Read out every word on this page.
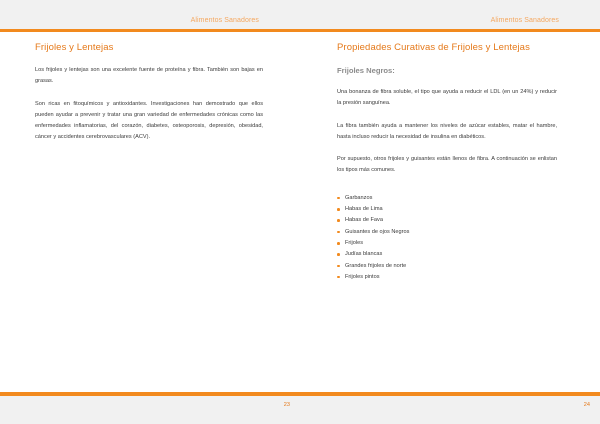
Alimentos Sanadores
Frijoles y Lentejas

Los frijoles y lentejas son una excelente fuente de proteína y fibra. También son bajas en grasas.

Son ricas en fitoquímicos y antioxidantes. Investigaciones han demostrado que ellos pueden ayudar a prevenir y tratar una gran variedad de enfermedades crónicas como las enfermedades inflamatorias, del corazón, diabetes, osteoporosis, depresión, obesidad, cáncer y accidentes cerebrovasculares (ACV).

23
Alimentos Sanadores
Propiedades Curativas de Frijoles y Lentejas
Frijoles Negros:

Una bonanza de fibra soluble, el tipo que ayuda a reducir el LDL (en un 24%) y reducir la presión sanguínea.

La fibra también ayuda a mantener los niveles de azúcar estables, matar el hambre, hasta incluso reducir la necesidad de insulina en diabéticos.

Por supuesto, otros frijoles y guisantes están llenos de fibra. A continuación se enlistan los tipos más comunes.

Garbanzos
Habas de Lima
Habas de Fava
Guisantes de ojos Negros
Frijoles
Judías blancas
Grandes frijoles de norte
Frijoles pintos
24
